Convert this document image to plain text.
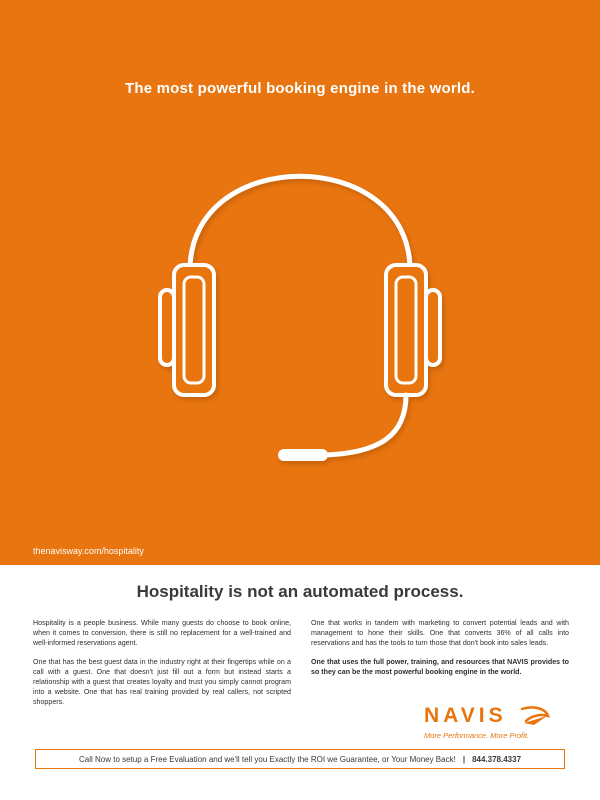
The most powerful booking engine in the world.
thenavisway.com/hospitality
Hospitality is not an automated process.

Hospitality is a people business. While many guests do choose to book online, when it comes to conversion, there is still no replacement for a well-trained and well-informed reservations agent.

One that has the best guest data in the industry right at their fingertips while on a call with a guest. One that doesn't just fill out a form but instead starts a relationship with a guest that creates loyalty and trust you simply cannot program into a website. One that has real training provided by real callers, not scripted shoppers.

One that works in tandem with marketing to convert potential leads and with management to hone their skills. One that converts 36% of all calls into reservations and has the tools to turn those that don't book into sales leads.

One that uses the full power, training, and resources that NAVIS provides to so they can be the most powerful booking engine in the world.

NAVIS
More Performance. More Profit.
Call Now to setup a Free Evaluation and we'll tell you Exactly the ROI we Guarantee, or Your Money Back! | 844.378.4337
